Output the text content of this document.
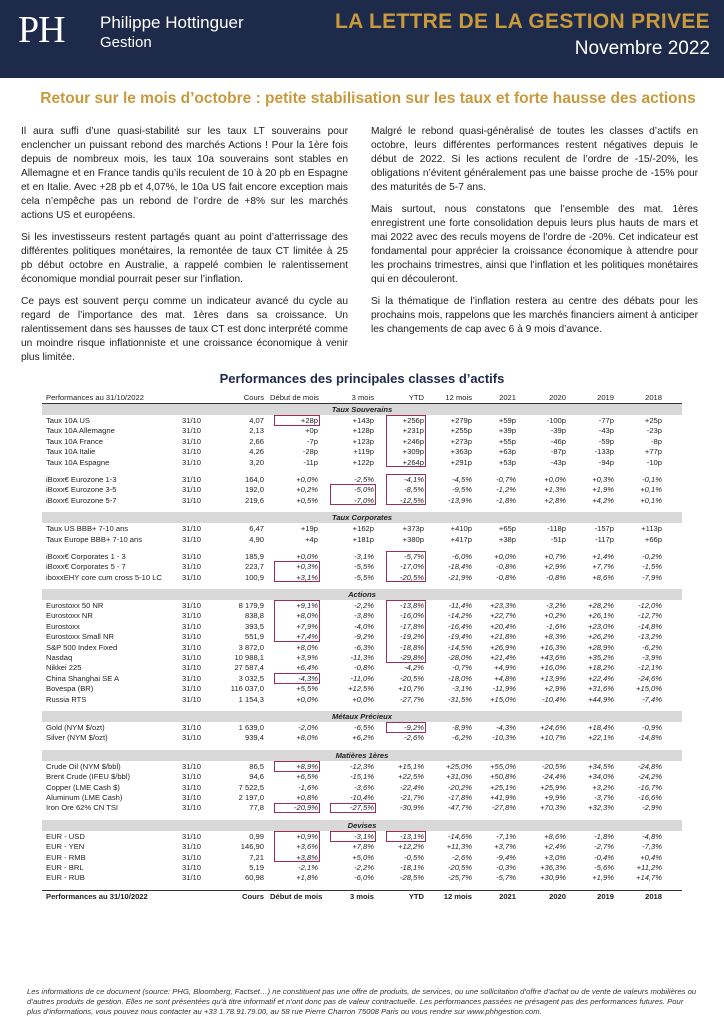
PH Philippe Hottinguer
Gestion
LA LETTRE DE LA GESTION PRIVEE
Novembre 2022
Retour sur le mois d’octobre : petite stabilisation sur les taux et forte hausse des actions

Il aura suffi d’une quasi-stabilité sur les taux LT souverains pour enclencher un puissant rebond des marchés Actions ! Pour la 1ère fois depuis de nombreux mois, les taux 10a souverains sont stables en Allemagne et en France tandis qu’ils reculent de 10 à 20 pb en Espagne et en Italie. Avec +28 pb et 4,07%, le 10a US fait encore exception mais cela n’empêche pas un rebond de l’ordre de +8% sur les marchés actions US et européens.

Si les investisseurs restent partagés quant au point d’atterrissage des différentes politiques monétaires, la remontée de taux CT limitée à 25 pb début octobre en Australie, a rappelé combien le ralentissement économique mondial pourrait peser sur l’inflation.

Ce pays est souvent perçu comme un indicateur avancé du cycle au regard de l’importance des mat. 1ères dans sa croissance. Un ralentissement dans ses hausses de taux CT est donc interprété comme un moindre risque inflationniste et une croissance économique à venir plus limitée.

Malgré le rebond quasi-généralisé de toutes les classes d’actifs en octobre, leurs différentes performances restent négatives depuis le début de 2022. Si les actions reculent de l’ordre de -15/-20%, les obligations n’évitent généralement pas une baisse proche de -15% pour des maturités de 5-7 ans.

Mais surtout, nous constatons que l’ensemble des mat. 1ères enregistrent une forte consolidation depuis leurs plus hauts de mars et mai 2022 avec des reculs moyens de l’ordre de -20%. Cet indicateur est fondamental pour apprécier la croissance économique à attendre pour les prochains trimestres, ainsi que l’inflation et les politiques monétaires qui en découleront.

Si la thématique de l’inflation restera au centre des débats pour les prochains mois, rappelons que les marchés financiers aiment à anticiper les changements de cap avec 6 à 9 mois d’avance.

Performances des principales classes d’actifs
Performances au 31/10/2022	Cours Début de mois	3 mois	YTD	12 mois	2021	2020	2019	2018
Taux Souverains
Taux 10A US	31/10	4,07	+28p	+143p	+256p	+279p	+59p	-100p	-77p	+25p
Taux 10A Allemagne	31/10	2,13	+0p	+128p	+231p	+255p	+39p	-39p	-43p	-23p
Taux 10A France	31/10	2,66	-7p	+123p	+246p	+273p	+55p	-46p	-59p	-8p
Taux 10A Italie	31/10	4,26	-28p	+119p	+309p	+363p	+63p	-87p	-133p	+77p
Taux 10A Espagne	31/10	3,20	-11p	+122p	+264p	+291p	+53p	-43p	-94p	-10p
iBoxx€ Eurozone 1-3	31/10	164,0	+0,0%	-2,5%	-4,1%	-4,5%	-0,7%	+0,0%	+0,3%	-0,1%
iBoxx€ Eurozone 3-5	31/10	192,0	+0,2%	-5,0%	-8,5%	-9,5%	-1,2%	+1,3%	+1,9%	+0,1%
iBoxx€ Eurozone 5-7	31/10	219,6	+0,5%	-7,0%	-12,5%	-13,9%	-1,8%	+2,8%	+4,2%	+0,1%
Taux Corporates
Taux US BBB+ 7-10 ans	31/10	6,47	+19p	+162p	+373p	+410p	+65p	-118p	-157p	+113p
Taux Europe BBB+ 7-10 ans	31/10	4,90	+4p	+181p	+380p	+417p	+38p	-51p	-117p	+66p
iBoxx€ Corporates 1 - 3	31/10	185,9	+0,0%	-3,1%	-5,7%	-6,0%	+0,0%	+0,7%	+1,4%	-0,2%
iBoxx€ Corporates 5 - 7	31/10	223,7	+0,3%	-5,5%	-17,0%	-18,4%	-0,8%	+2,9%	+7,7%	-1,5%
iboxxEHY core cum cross 5-10 LC	31/10	100,9	+3,1%	-5,5%	-20,5%	-21,9%	-0,8%	-0,8%	+8,6%	-7,9%
Actions
Eurostoxx 50 NR	31/10	8 179,9	+9,1%	-2,2%	-13,8%	-11,4%	+23,3%	-3,2%	+28,2%	-12,0%
Eurostoxx NR	31/10	838,8	+8,0%	-3,8%	-16,0%	-14,2%	+22,7%	+0,2%	+26,1%	-12,7%
Eurostoxx	31/10	393,5	+7,9%	-4,0%	-17,8%	-16,4%	+20,4%	-1,6%	+23,0%	-14,8%
Eurostoxx Small NR	31/10	551,9	+7,4%	-9,2%	-19,2%	-19,4%	+21,8%	+8,3%	+26,2%	-13,2%
S&P 500 Index Fixed	31/10	3 872,0	+8,0%	-6,3%	-18,8%	-14,5%	+26,9%	+16,3%	+28,9%	-6,2%
Nasdaq	31/10	10 988,1	+3,9%	-11,3%	-29,8%	-28,0%	+21,4%	+43,6%	+35,2%	-3,9%
Nikkei 225	31/10	27 587,4	+6,4%	-0,8%	-4,2%	-0,7%	+4,9%	+16,0%	+18,2%	-12,1%
China Shanghai SE A	31/10	3 032,5	-4,3%	-11,0%	-20,5%	-18,0%	+4,8%	+13,9%	+22,4%	-24,6%
Bovespa (BR)	31/10	116 037,0	+5,5%	+12,5%	+10,7%	-3,1%	-11,9%	+2,9%	+31,6%	+15,0%
Russia RTS	31/10	1 154,3	+0,0%	+0,0%	-27,7%	-31,5%	+15,0%	-10,4%	+44,9%	-7,4%
Métaux Précieux
Gold (NYM $/ozt)	31/10	1 639,0	-2,0%	-6,5%	-9,2%	-8,9%	-4,3%	+24,6%	+18,4%	-0,9%
Silver (NYM $/ozt)	31/10	939,4	+8,0%	+6,2%	-2,6%	-6,2%	-10,3%	+10,7%	+22,1%	-14,8%
Matières 1ères
Crude Oil (NYM $/bbl)	31/10	86,5	+8,9%	-12,3%	+15,1%	+25,0%	+55,0%	-20,5%	+34,5%	-24,8%
Brent Crude (IFEU $/bbl)	31/10	94,6	+6,5%	-15,1%	+22,5%	+31,0%	+50,8%	-24,4%	+34,0%	-24,2%
Copper (LME Cash $)	31/10	7 522,5	-1,6%	-3,6%	-22,4%	-20,2%	+25,1%	+25,9%	+3,2%	-16,7%
Aluminum (LME Cash)	31/10	2 197,0	+0,8%	-10,4%	-21,7%	-17,8%	+41,9%	+9,9%	-3,7%	-16,6%
Iron Ore 62% CN TSI	31/10	77,8	-20,9%	-27,5%	-30,9%	-47,7%	-27,8%	+70,3%	+32,3%	-2,9%
Devises
EUR - USD	31/10	0,99	+0,9%	-3,1%	-13,1%	-14,6%	-7,1%	+8,6%	-1,8%	-4,8%
EUR - YEN	31/10	146,90	+3,6%	+7,8%	+12,2%	+11,3%	+3,7%	+2,4%	-2,7%	-7,3%
EUR - RMB	31/10	7,21	+3,8%	+5,0%	-0,5%	-2,6%	-9,4%	+3,0%	-0,4%	+0,4%
EUR - BRL	31/10	5,19	-2,1%	-2,2%	-18,1%	-20,5%	-0,3%	+36,3%	-5,6%	+11,2%
EUR - RUB	31/10	60,98	+1,8%	-6,0%	-28,5%	-25,7%	-5,7%	+30,9%	+1,9%	+14,7%
Performances au 31/10/2022	Cours Début de mois	3 mois	YTD	12 mois	2021	2020	2019	2018
Les informations de ce document (source: PHG, Bloomberg, Factset…) ne constituent pas une offre de produits, de services, ou une sollicitation d’offre d’achat ou de vente de valeurs mobilières ou d’autres produits de gestion. Elles ne sont présentées qu’à titre informatif et n’ont donc pas de valeur contractuelle. Les performances passées ne présagent pas des performances futures. Pour plus d’informations, vous pouvez nous contacter au +33 1.78.91.79.00, au 58 rue Pierre Charron 75008 Paris ou vous rendre sur www.phhgestion.com.
